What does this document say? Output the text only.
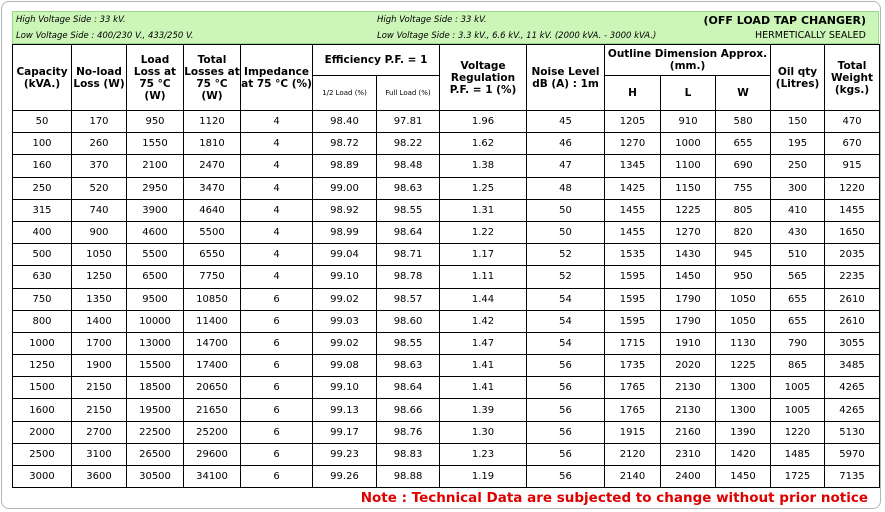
High Voltage Side : 33 kV.
Low Voltage Side : 400/230 V., 433/250 V.
High Voltage Side : 33 kV.
Low Voltage Side : 3.3 kV., 6.6 kV., 11 kV. (2000 kVA. - 3000 kVA.)
(OFF LOAD TAP CHANGER)
HERMETICALLY SEALED
Capacity (kVA.)	No-load Loss (W)	Load Loss at 75 °C (W)	Total Losses at 75 °C (W)	Impedance at 75 °C (%)	Efficiency P.F. = 1		Voltage Regulation P.F. = 1 (%)	Noise Level dB (A) : 1m	Outline Dimension Approx. (mm.)			Oil qty (Litres)	Total Weight (kgs.)
					1/2 Load (%)	Full Load (%)			H	L	W		
50	170	950	1120	4	98.40	97.81	1.96	45	1205	910	580	150	470
100	260	1550	1810	4	98.72	98.22	1.62	46	1270	1000	655	195	670
160	370	2100	2470	4	98.89	98.48	1.38	47	1345	1100	690	250	915
250	520	2950	3470	4	99.00	98.63	1.25	48	1425	1150	755	300	1220
315	740	3900	4640	4	98.92	98.55	1.31	50	1455	1225	805	410	1455
400	900	4600	5500	4	98.99	98.64	1.22	50	1455	1270	820	430	1650
500	1050	5500	6550	4	99.04	98.71	1.17	52	1535	1430	945	510	2035
630	1250	6500	7750	4	99.10	98.78	1.11	52	1595	1450	950	565	2235
750	1350	9500	10850	6	99.02	98.57	1.44	54	1595	1790	1050	655	2610
800	1400	10000	11400	6	99.03	98.60	1.42	54	1595	1790	1050	655	2610
1000	1700	13000	14700	6	99.02	98.55	1.47	54	1715	1910	1130	790	3055
1250	1900	15500	17400	6	99.08	98.63	1.41	56	1735	2020	1225	865	3485
1500	2150	18500	20650	6	99.10	98.64	1.41	56	1765	2130	1300	1005	4265
1600	2150	19500	21650	6	99.13	98.66	1.39	56	1765	2130	1300	1005	4265
2000	2700	22500	25200	6	99.17	98.76	1.30	56	1915	2160	1390	1220	5130
2500	3100	26500	29600	6	99.23	98.83	1.23	56	2120	2310	1420	1485	5970
3000	3600	30500	34100	6	99.26	98.88	1.19	56	2140	2400	1450	1725	7135
Note : Technical Data are subjected to change without prior notice
